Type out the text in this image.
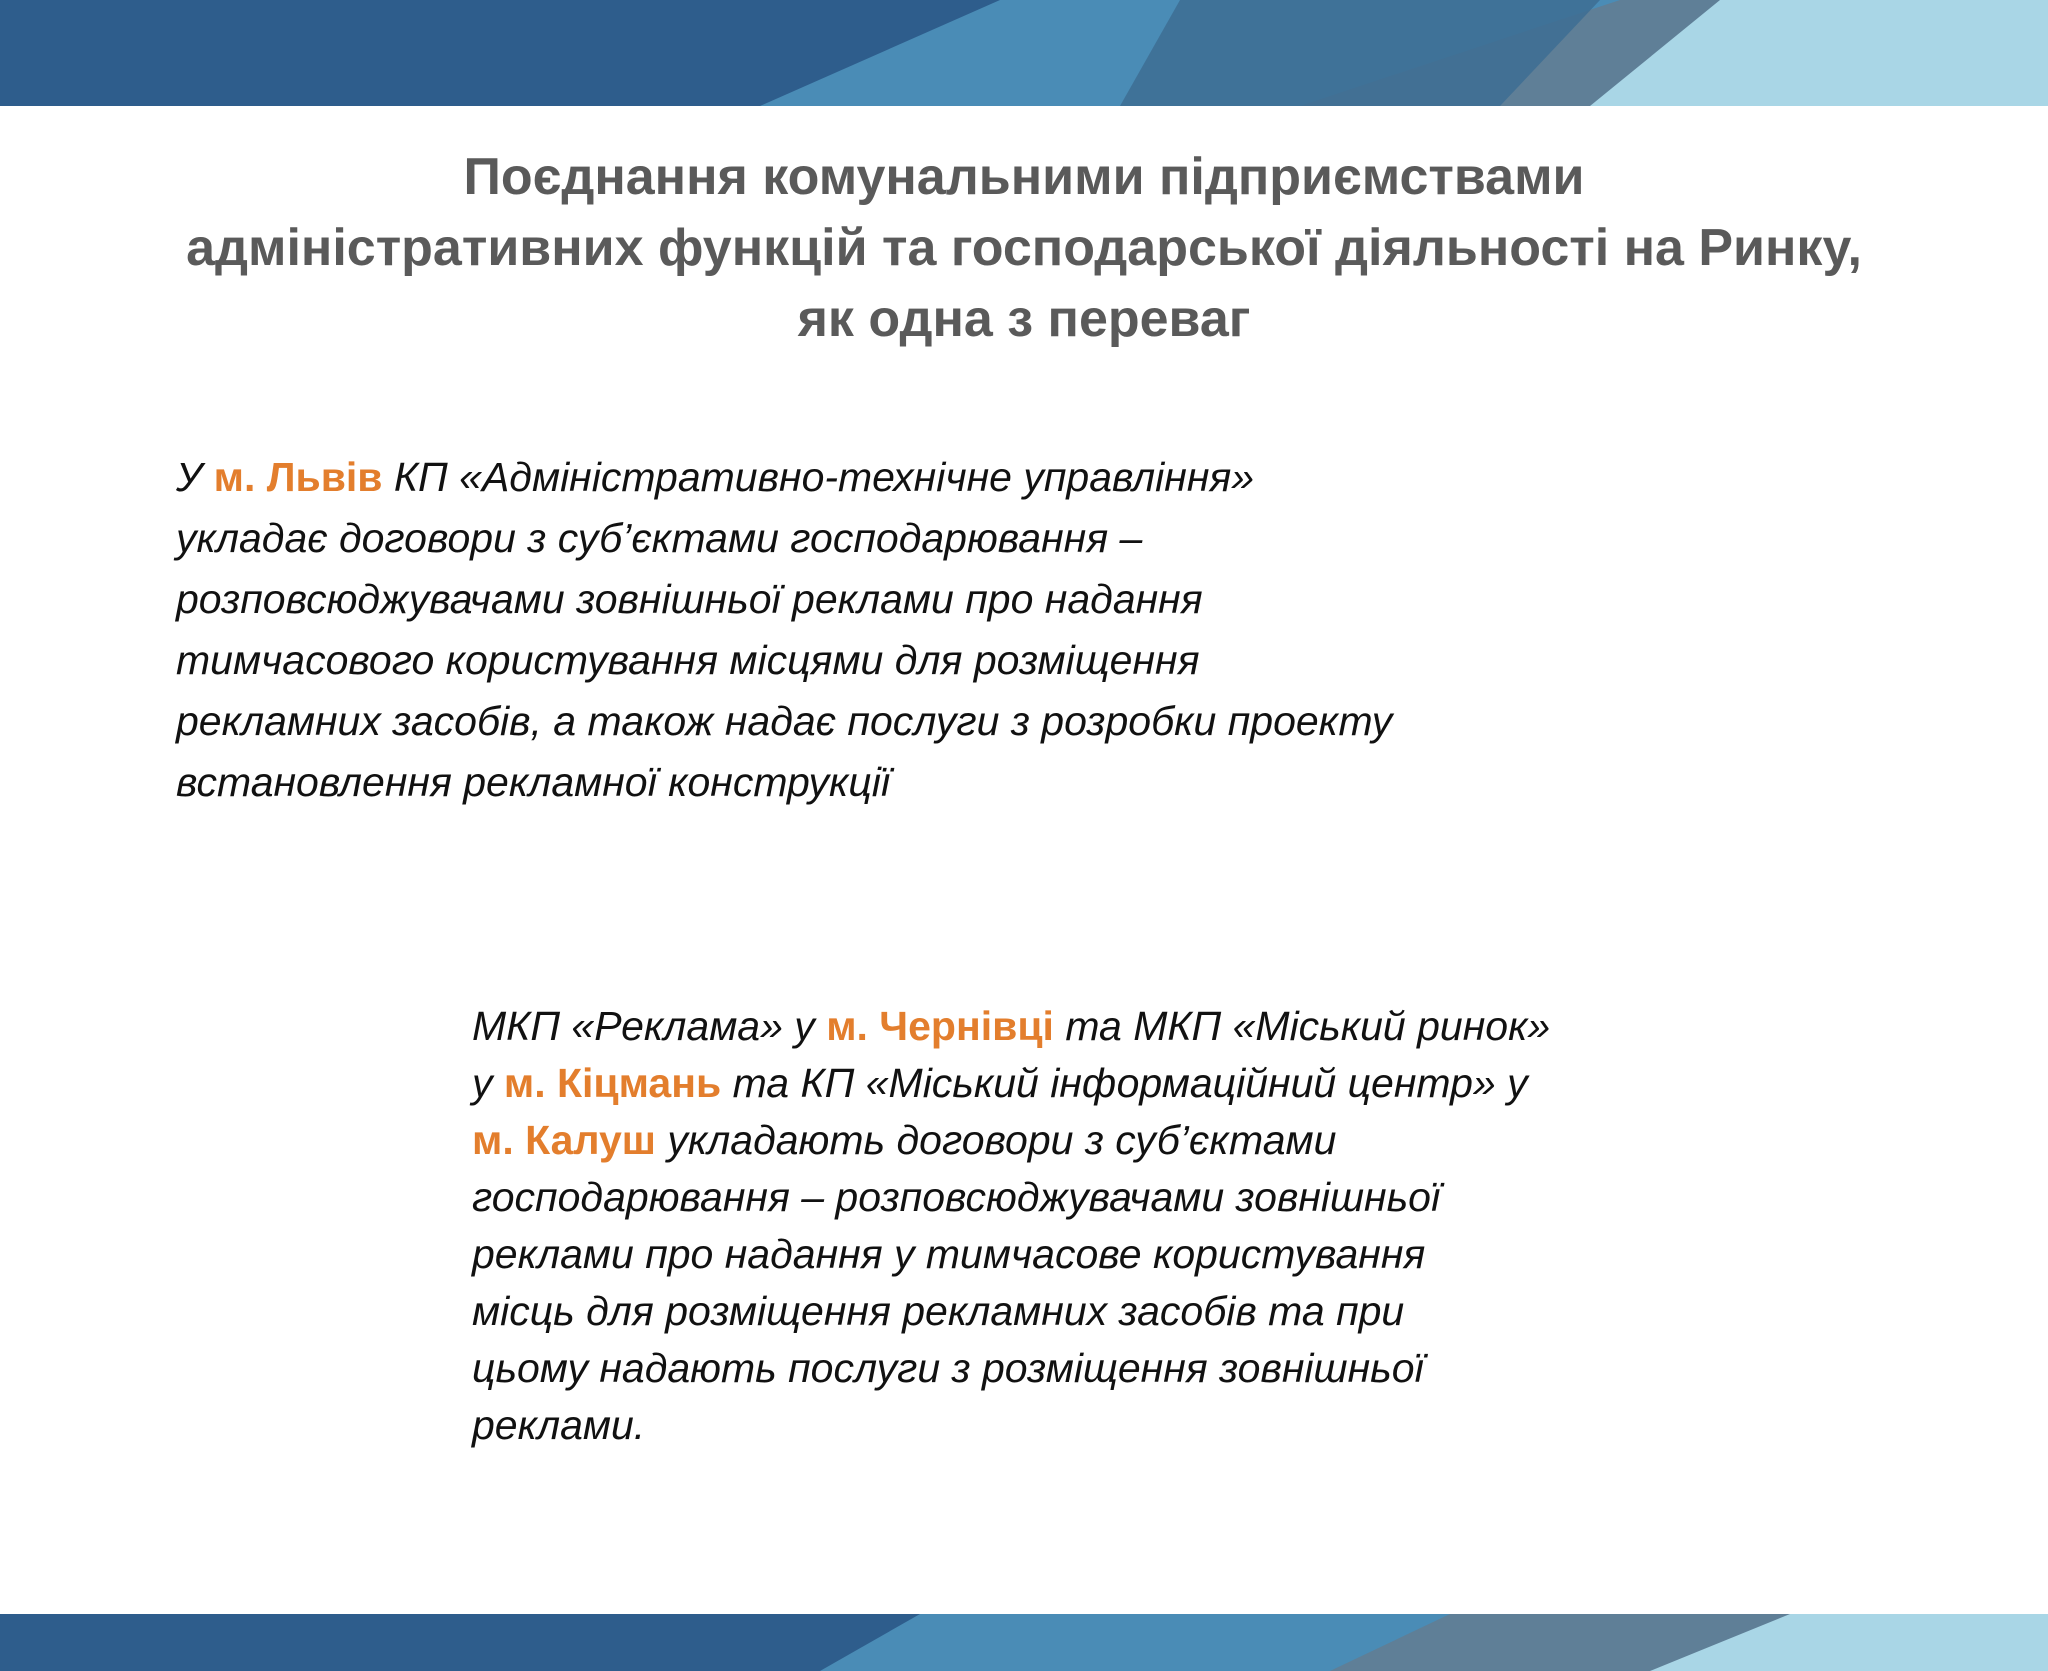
Поєднання комунальними підприємствами
адміністративних функцій та господарської діяльності на Ринку,
як одна з переваг
У м. Львів КП «Адміністративно-технічне управління»
укладає договори з суб’єктами господарювання –
розповсюджувачами зовнішньої реклами про надання
тимчасового користування місцями для розміщення
рекламних засобів, а також надає послуги з розробки проекту
встановлення рекламної конструкції
МКП «Реклама» у м. Чернівці та МКП «Міський ринок»
у м. Кіцмань та КП «Міський інформаційний центр» у
м. Калуш укладають договори з суб’єктами
господарювання – розповсюджувачами зовнішньої
реклами про надання у тимчасове користування
місць для розміщення рекламних засобів та при
цьому надають послуги з розміщення зовнішньої
реклами.
